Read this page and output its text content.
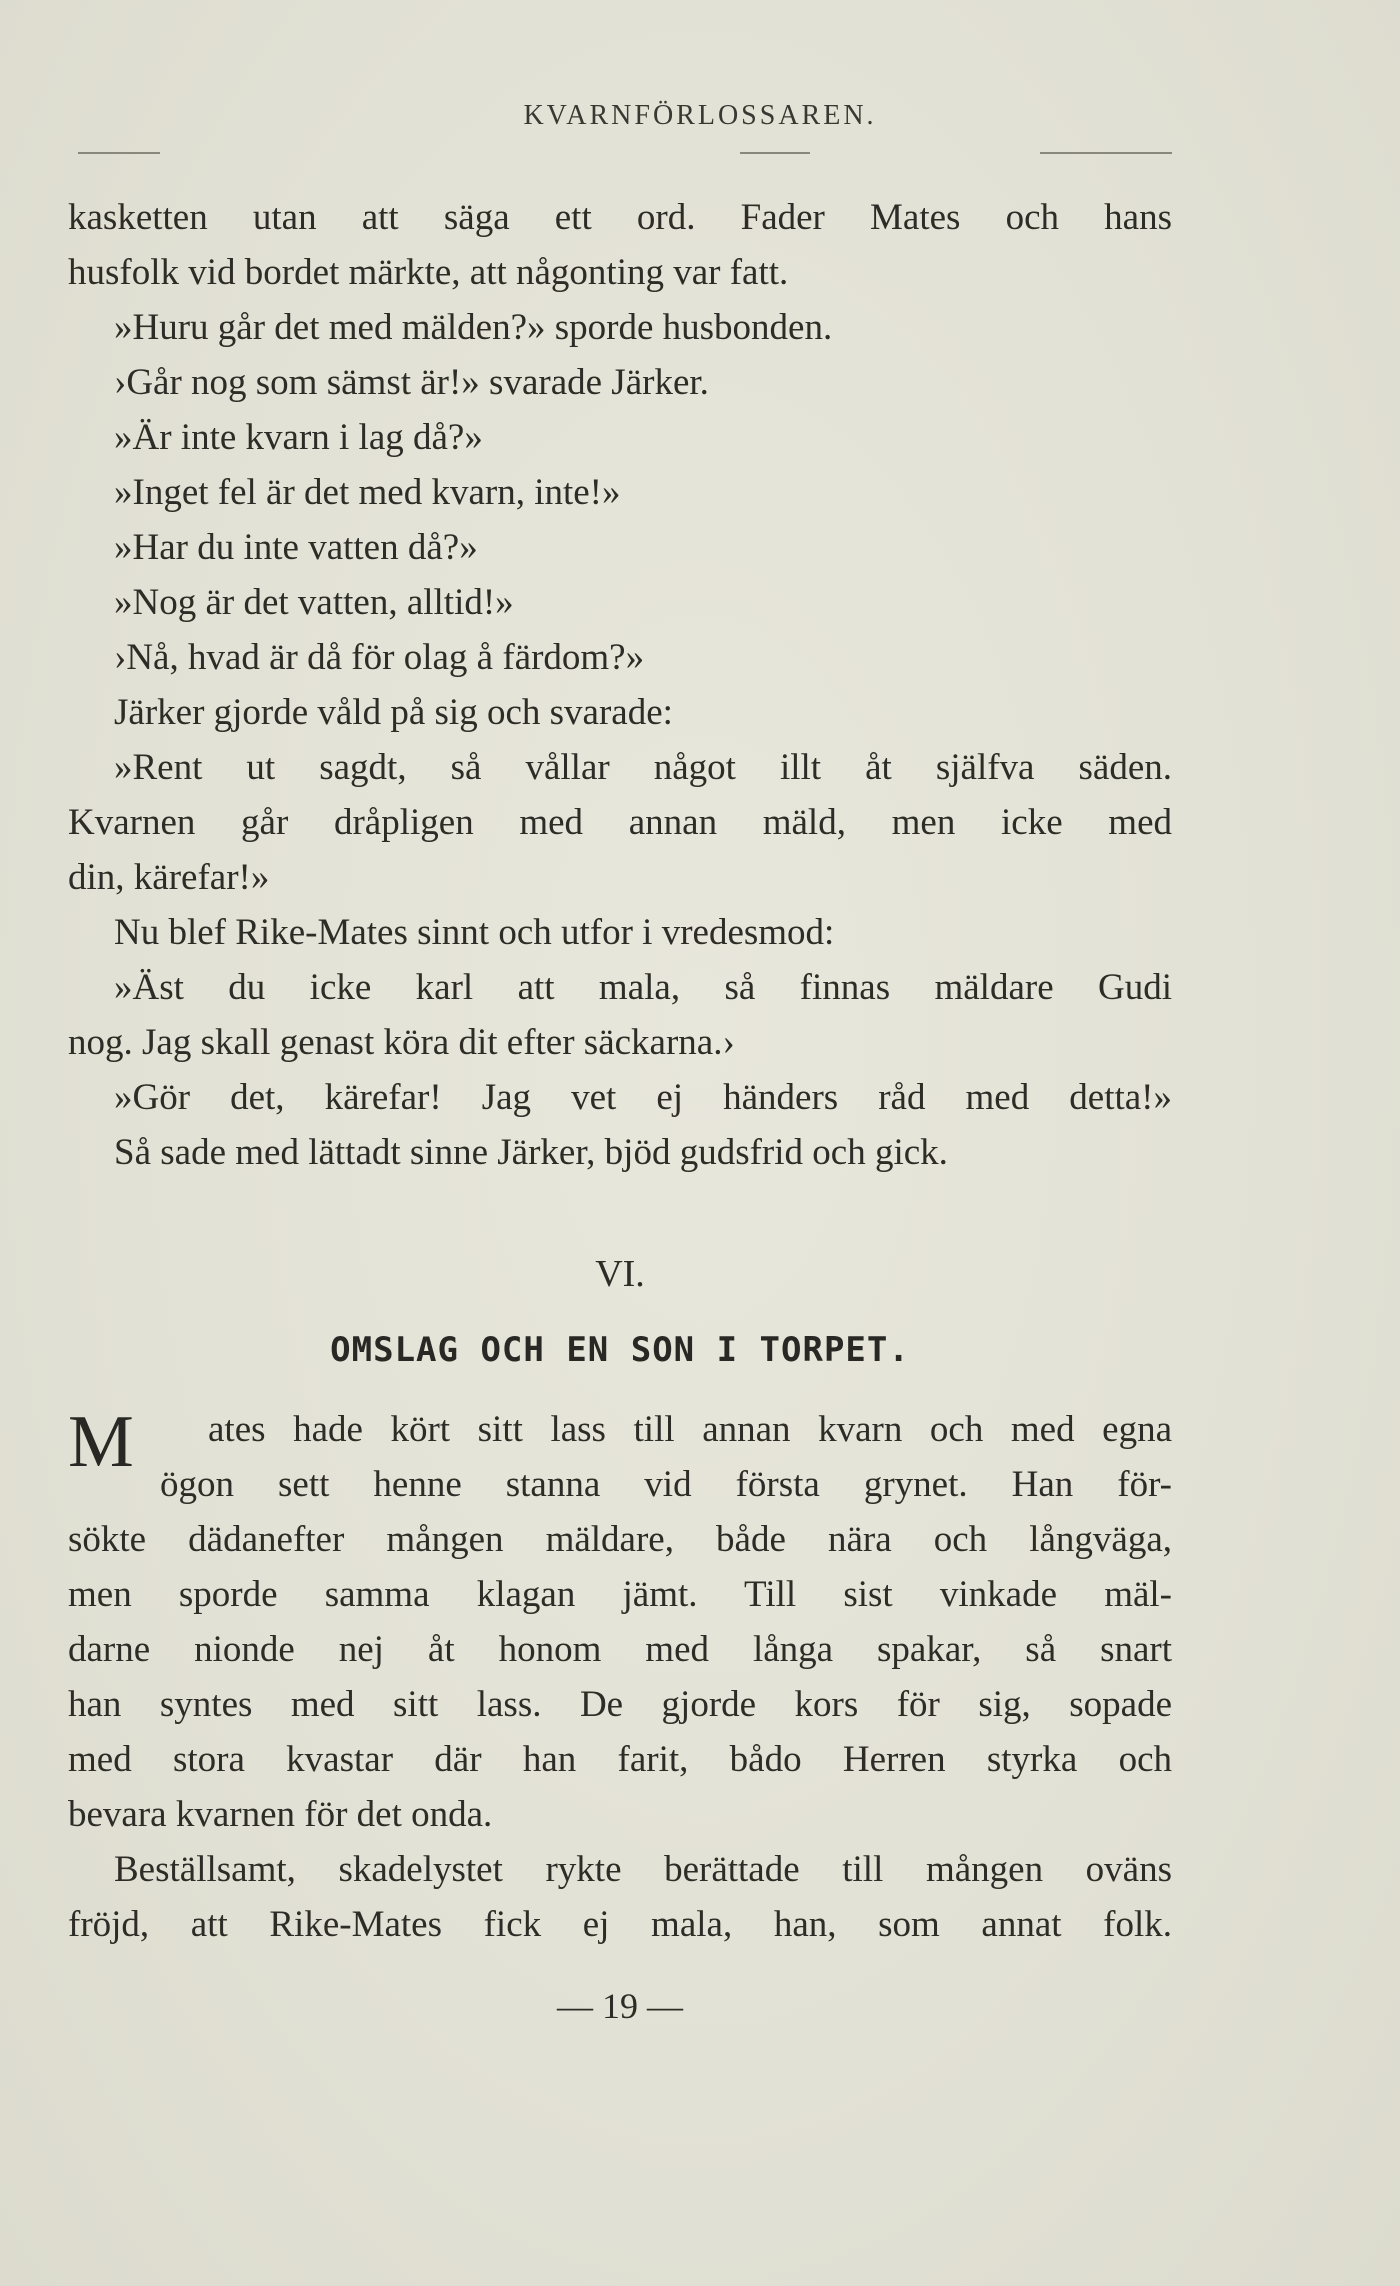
KVARNFÖRLOSSAREN.
kasketten utan att säga ett ord. Fader Mates och hans
husfolk vid bordet märkte, att någonting var fatt.
»Huru går det med mälden?» sporde husbonden.
›Går nog som sämst är!» svarade Järker.
»Är inte kvarn i lag då?»
»Inget fel är det med kvarn, inte!»
»Har du inte vatten då?»
»Nog är det vatten, alltid!»
›Nå, hvad är då för olag å färdom?»
Järker gjorde våld på sig och svarade:
»Rent ut sagdt, så vållar något illt åt själfva säden.
Kvarnen går dråpligen med annan mäld, men icke med
din, kärefar!»
Nu blef Rike-Mates sinnt och utfor i vredesmod:
»Äst du icke karl att mala, så finnas mäldare Gudi
nog. Jag skall genast köra dit efter säckarna.›
»Gör det, kärefar! Jag vet ej händers råd med detta!»
Så sade med lättadt sinne Järker, bjöd gudsfrid och gick.
VI.
OMSLAG OCH EN SON I TORPET.
M ates hade kört sitt lass till annan kvarn och med egna
ögon sett henne stanna vid första grynet. Han för-
sökte dädanefter mången mäldare, både nära och långväga,
men sporde samma klagan jämt. Till sist vinkade mäl-
darne nionde nej åt honom med långa spakar, så snart
han syntes med sitt lass. De gjorde kors för sig, sopade
med stora kvastar där han farit, bådo Herren styrka och
bevara kvarnen för det onda.
Beställsamt, skadelystet rykte berättade till mången oväns
fröjd, att Rike-Mates fick ej mala, han, som annat folk.
— 19 —
